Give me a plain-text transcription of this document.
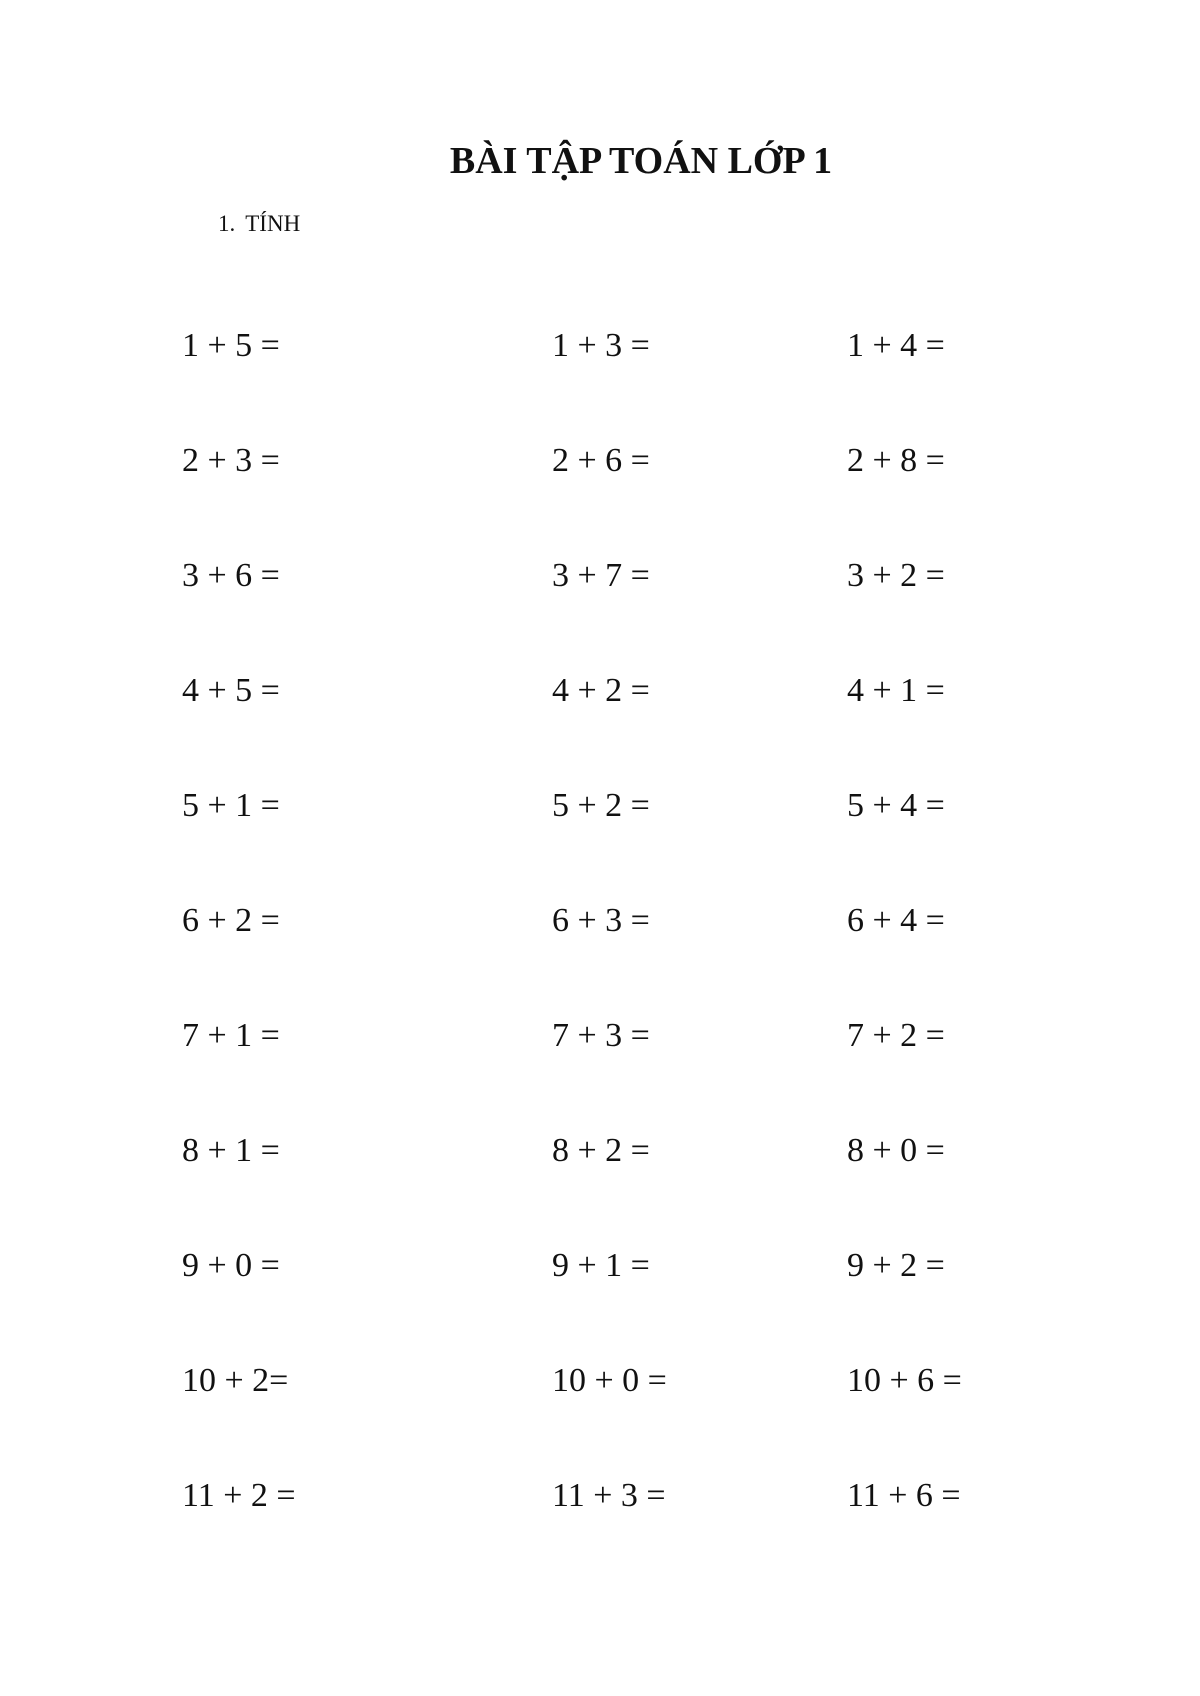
BÀI TẬP TOÁN LỚP 1
1. TÍNH
1 + 5 =	1 + 3 =	1 + 4 =
2 + 3 =	2 + 6 =	2 + 8 =
3 + 6 =	3 + 7 =	3 + 2 =
4 + 5 =	4 + 2 =	4 + 1 =
5 + 1 =	5 + 2 =	5 + 4 =
6 + 2 =	6 + 3 =	6 + 4 =
7 + 1 =	7 + 3 =	7 + 2 =
8 + 1 =	8 + 2 =	8 + 0 =
9 + 0 =	9 + 1 =	9 + 2 =
10 + 2=	10 + 0 =	10 + 6 =
11 + 2 =	11 + 3 =	11 + 6 =
